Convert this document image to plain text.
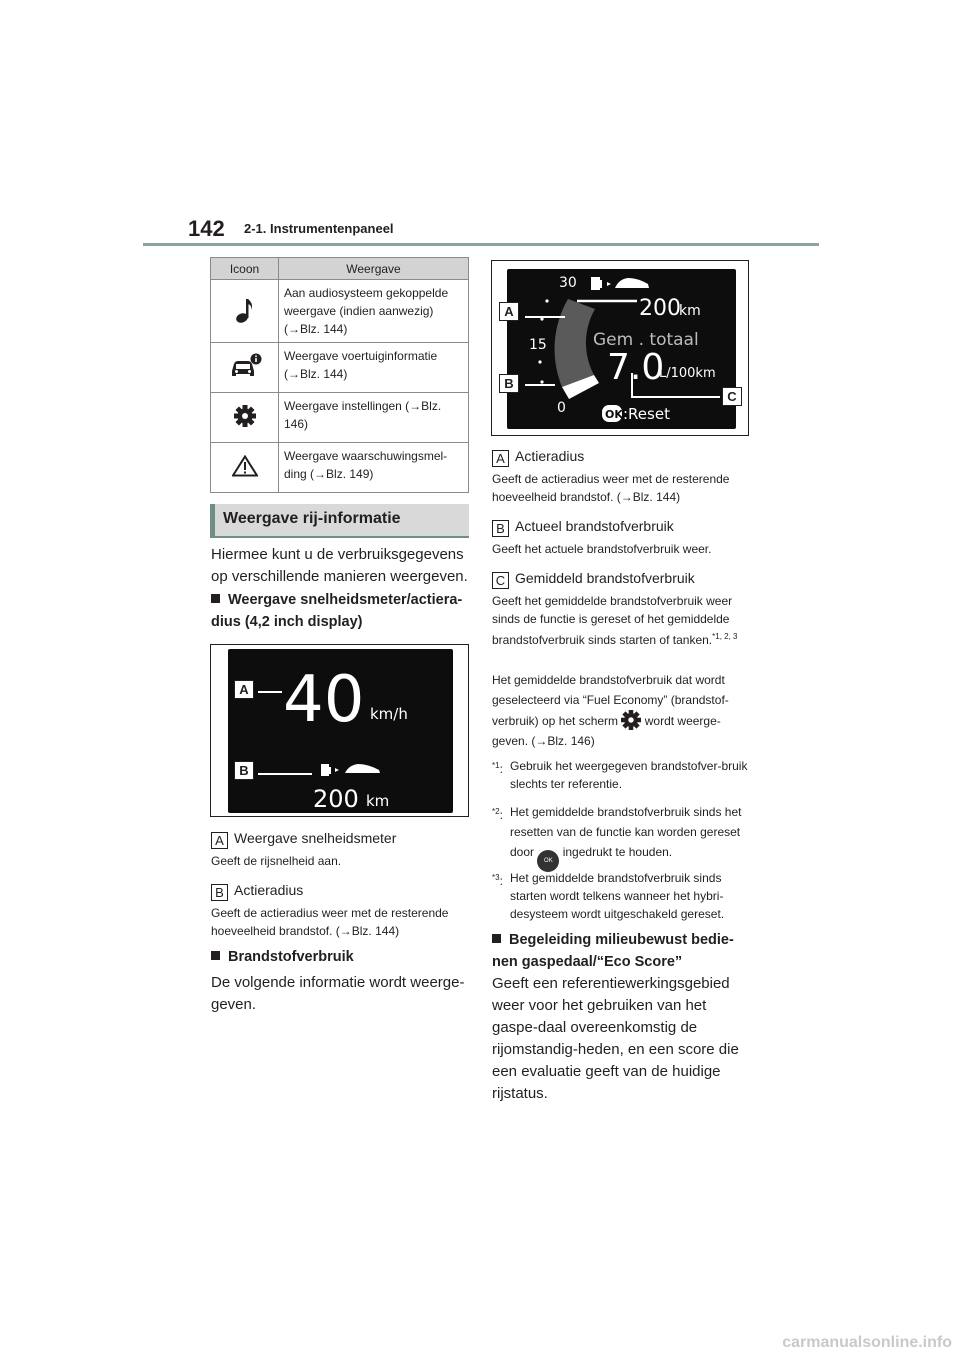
142 2-1. Instrumentenpaneel
Icoon	Weergave
	Aan audiosysteem gekoppelde weergave (indien aanwezig) (→Blz. 144)
	Weergave voertuiginformatie (→Blz. 144)
	Weergave instellingen (→Blz. 146)
	Weergave waarschuwingsmel-ding (→Blz. 149)
Weergave rij-informatie
Hiermee kunt u de verbruiksgegevens op verschillende manieren weergeven.
Weergave snelheidsmeter/actiera-dius (4,2 inch display)
40 km/h
200 km
A
B
A Weergave snelheidsmeter
Geeft de rijsnelheid aan.
B Actieradius
Geeft de actieradius weer met de resterende hoeveelheid brandstof. (→Blz. 144)
Brandstofverbruik
De volgende informatie wordt weerge-geven.
30
15
0
200
km
Gem . totaal
7.0
L/100km
OK :Reset
A
B
C
A Actieradius
Geeft de actieradius weer met de resterende hoeveelheid brandstof. (→Blz. 144)
B Actueel brandstofverbruik
Geeft het actuele brandstofverbruik weer.
C Gemiddeld brandstofverbruik
Geeft het gemiddelde brandstofverbruik weer sinds de functie is gereset of het gemiddelde brandstofverbruik sinds starten of tanken.$^{*1, 2, 3}$
Het gemiddelde brandstofverbruik dat wordt geselecteerd via “Fuel Economy” (brandstof-verbruik) op het scherm wordt weerge-geven. (→Blz. 146)
$^{*1}$: Gebruik het weergegeven brandstofver-bruik slechts ter referentie.
$^{*2}$: Het gemiddelde brandstofverbruik sinds het resetten van de functie kan worden gereset door OK ingedrukt te houden.
$^{*3}$: Het gemiddelde brandstofverbruik sinds starten wordt telkens wanneer het hybri-desysteem wordt uitgeschakeld gereset.
Begeleiding milieubewust bedie-nen gaspedaal/“Eco Score”
Geeft een referentiewerkingsgebied weer voor het gebruiken van het gaspe-daal overeenkomstig de rijomstandig-heden, en een score die een evaluatie geeft van de huidige rijstatus.
carmanualsonline.info
